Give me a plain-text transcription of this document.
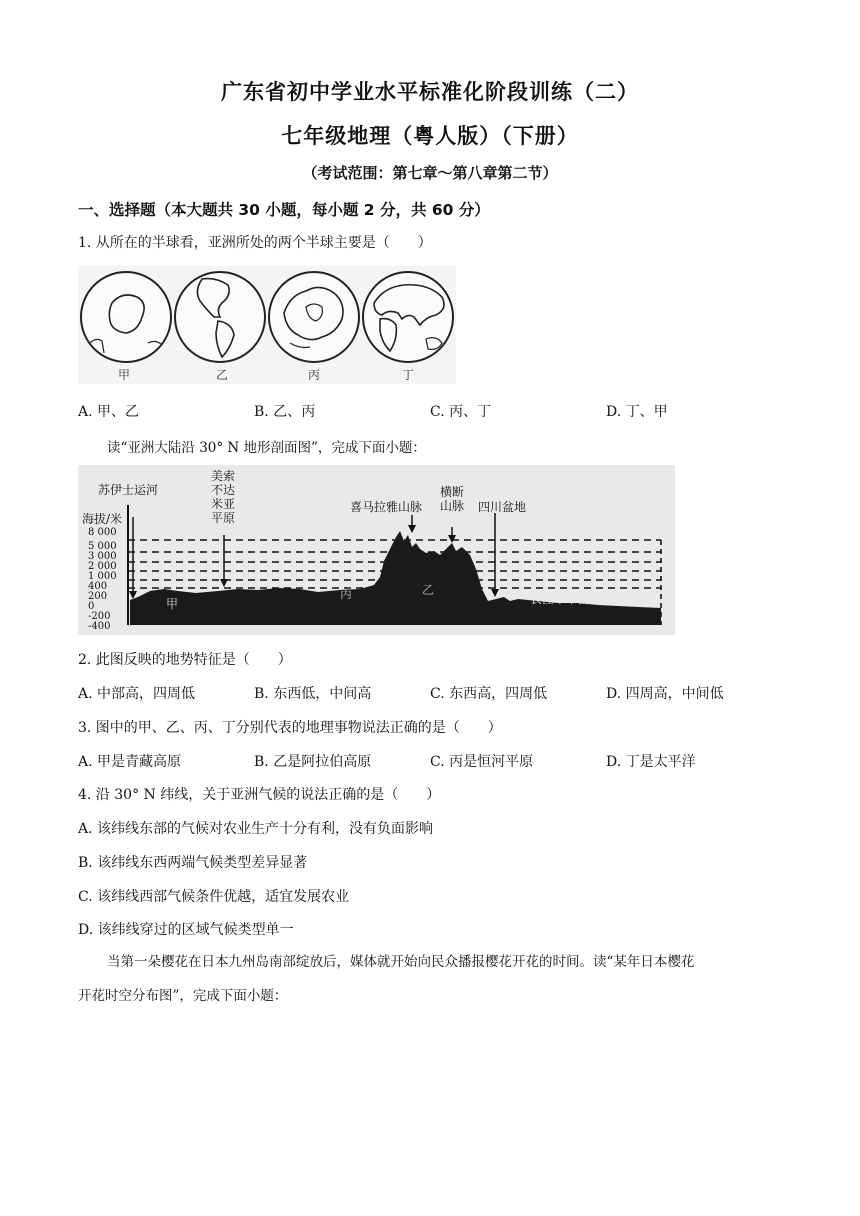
广东省初中学业水平标准化阶段训练（二）
七年级地理（粤人版）（下册）
（考试范围：第七章～第八章第二节）
一、选择题（本大题共 30 小题，每小题 2 分，共 60 分）
1. 从所在的半球看，亚洲所处的两个半球主要是（　　）
甲	乙	丙	丁
A. 甲、乙	B. 乙、丙	C. 丙、丁	D. 丁、甲
读“亚洲大陆沿 30° N 地形剖面图”，完成下面小题：
苏伊士运河
美索
不达
米亚
平原
喜马拉雅山脉
横断
山脉 四川盆地
海拔/米
8 000
5 000
3 000
2 000
1 000
400
200
0
-200
-400
甲
丙	乙
长江中下游平原 丁
2. 此图反映的地势特征是（　　）
A. 中部高，四周低	B. 东西低，中间高	C. 东西高，四周低	D. 四周高，中间低
3. 图中的甲、乙、丙、丁分别代表的地理事物说法正确的是（　　）
A. 甲是青藏高原	B. 乙是阿拉伯高原	C. 丙是恒河平原	D. 丁是太平洋
4. 沿 30° N 纬线，关于亚洲气候的说法正确的是（　　）
A. 该纬线东部的气候对农业生产十分有利，没有负面影响
B. 该纬线东西两端气候类型差异显著
C. 该纬线西部气候条件优越，适宜发展农业
D. 该纬线穿过的区域气候类型单一
当第一朵樱花在日本九州岛南部绽放后，媒体就开始向民众播报樱花开花的时间。读“某年日本樱花
开花时空分布图”，完成下面小题：
